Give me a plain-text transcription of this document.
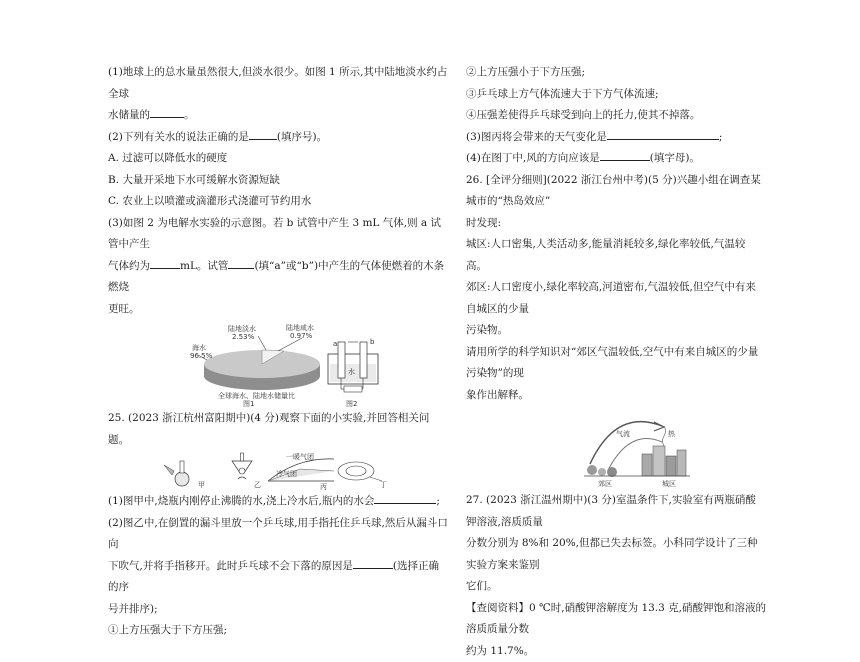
(1)地球上的总水量虽然很大,但淡水很少。如图 1 所示,其中陆地淡水约占全球

水储量的	。

(2)下列有关水的说法正确的是	(填序号)。

A. 过滤可以降低水的硬度

B. 大量开采地下水可缓解水资源短缺

C. 农业上以喷灌或滴灌形式浇灌可节约用水

(3)如图 2 为电解水实验的示意图。若 b 试管中产生 3 mL 气体,则 a 试管中产生

气体约为	mL。试管 (填“a”或“b”)中产生的气体使燃着的木条燃烧

更旺。

陆地淡水
2.53%
陆地咸水
0.97%
海水
96.5%
全球海水、陆地水储量比
图1
a	b
水
图2

25. (2023 浙江杭州富阳期中)(4 分)观察下面的小实验,并回答相关问题。

甲	乙
一暖气团
冷气团
丙	丁

(1)图甲中,烧瓶内刚停止沸腾的水,浇上冷水后,瓶内的水会	;

(2)图乙中,在倒置的漏斗里放一个乒乓球,用手指托住乒乓球,然后从漏斗口向

下吹气,并将手指移开。此时乒乓球不会下落的原因是	(选择正确的序

号并排序);

①上方压强大于下方压强;

②上方压强小于下方压强;

③乒乓球上方气体流速大于下方气体流速;

④压强差使得乒乓球受到向上的托力,使其不掉落。

(3)图丙将会带来的天气变化是	;

(4)在图丁中,风的方向应该是	(填字母)。

26. [全评分细则](2022 浙江台州中考)(5 分)兴趣小组在调查某城市的“热岛效应”

时发现:

城区:人口密集,人类活动多,能量消耗较多,绿化率较低,气温较高。

郊区:人口密度小,绿化率较高,河道密布,气温较低,但空气中有来自城区的少量

污染物。

请用所学的科学知识对“郊区气温较低,空气中有来自城区的少量污染物”的现

象作出解释。

气流	热
郊区	城区

27. (2023 浙江温州期中)(3 分)室温条件下,实验室有两瓶硝酸钾溶液,溶质质量

分数分别为 8%和 20%,但都已失去标签。小科同学设计了三种实验方案来鉴别

它们。

【查阅资料】0 ℃时,硝酸钾溶解度为 13.3 克,硝酸钾饱和溶液的溶质质量分数

约为 11.7%。
